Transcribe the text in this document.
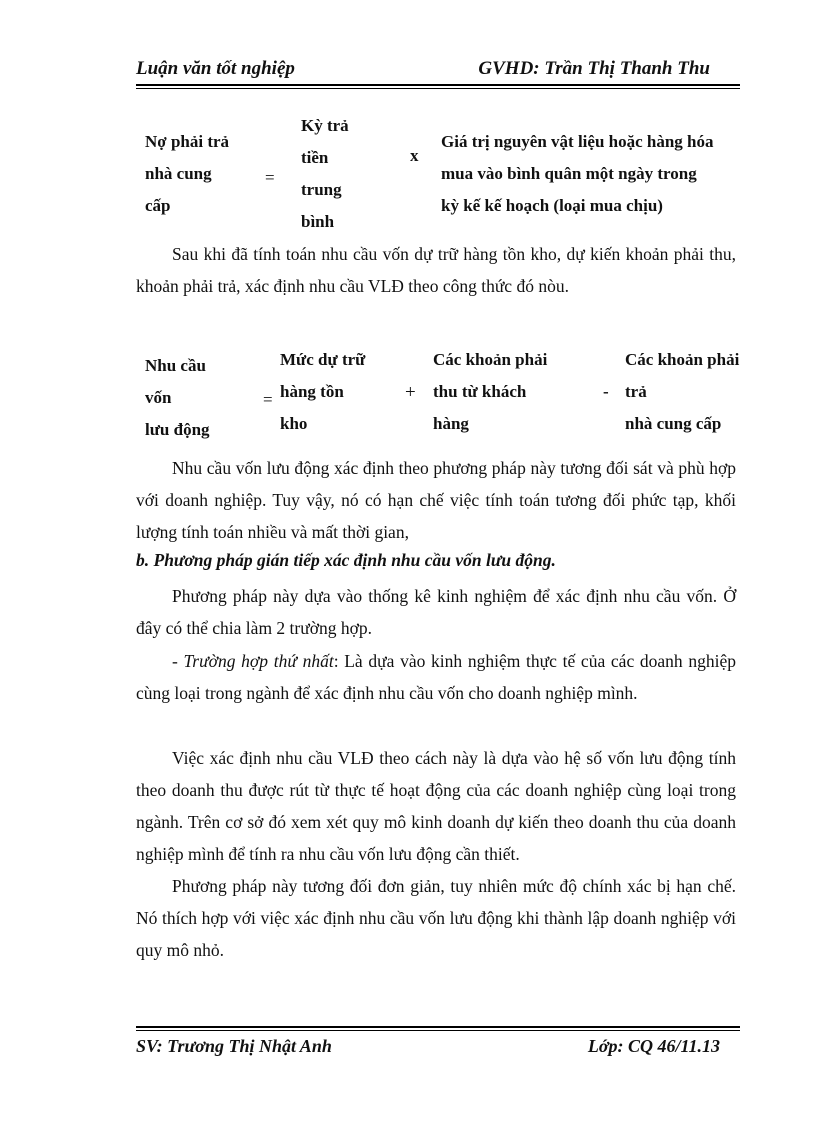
Luận văn tốt nghiệp	GVHD: Trần Thị Thanh Thu
Nợ phải trả
nhà cung
cấp
=
Kỳ trả
tiền
trung
bình
x
Giá trị nguyên vật liệu hoặc hàng hóa
mua vào bình quân một ngày trong
kỳ kế kế hoạch (loại mua chịu)
Sau khi đã tính toán nhu cầu vốn dự trữ hàng tồn kho, dự kiến khoản phải thu, khoản phải trả, xác định nhu cầu VLĐ theo công thức đó nòu.
Nhu cầu
vốn
lưu động
=
Mức dự trữ
hàng tồn
kho
+
Các khoản phải
thu từ khách
hàng
-
Các khoản phải
trả
nhà cung cấp
Nhu cầu vốn lưu động xác định theo phương pháp này tương đối sát và phù hợp với doanh nghiệp. Tuy vậy, nó có hạn chế việc tính toán tương đối phức tạp, khối lượng tính toán nhiều và mất thời gian,
b. Phương pháp gián tiếp xác định nhu cầu vốn lưu động.
Phương pháp này dựa vào thống kê kinh nghiệm để xác định nhu cầu vốn. Ở đây có thể chia làm 2 trường hợp.
- Trường hợp thứ nhất: Là dựa vào kinh nghiệm thực tế của các doanh nghiệp cùng loại trong ngành để xác định nhu cầu vốn cho doanh nghiệp mình.
Việc xác định nhu cầu VLĐ theo cách này là dựa vào hệ số vốn lưu động tính theo doanh thu được rút từ thực tế hoạt động của các doanh nghiệp cùng loại trong ngành. Trên cơ sở đó xem xét quy mô kinh doanh dự kiến theo doanh thu của doanh nghiệp mình để tính ra nhu cầu vốn lưu động cần thiết.
Phương pháp này tương đối đơn giản, tuy nhiên mức độ chính xác bị hạn chế. Nó thích hợp với việc xác định nhu cầu vốn lưu động khi thành lập doanh nghiệp với quy mô nhỏ.
SV: Trương Thị Nhật Anh	Lớp: CQ 46/11.13
